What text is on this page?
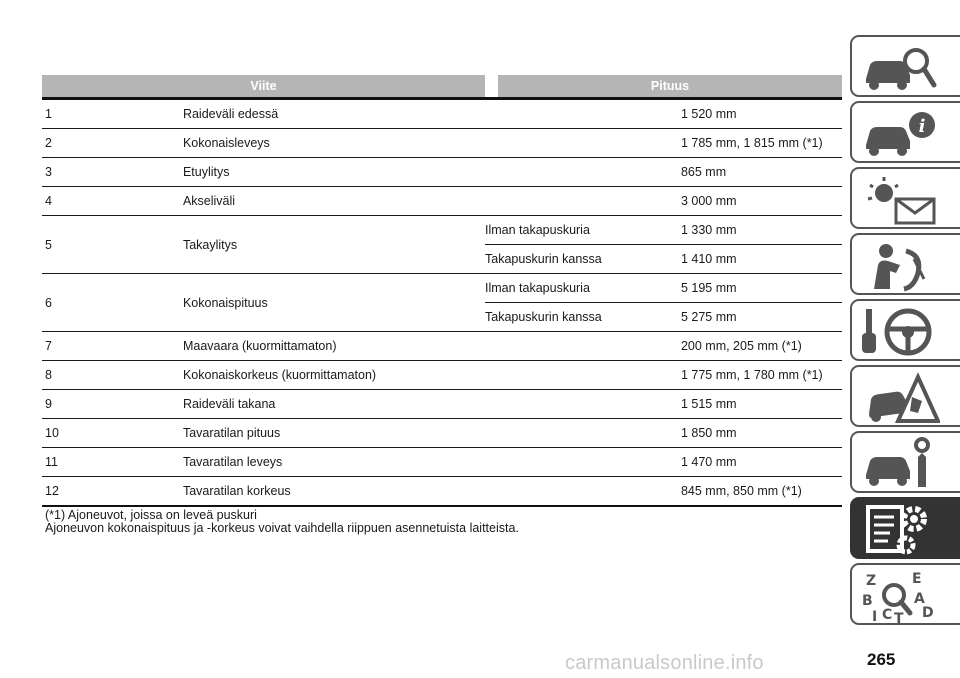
Viite			Pituus	
1	Raideväli edessä			1 520 mm
2	Kokonaisleveys			1 785 mm, 1 815 mm (*1)
3	Etuylitys			865 mm
4	Akseliväli			3 000 mm
5	Takaylitys	Ilman takapuskuria		1 330 mm
		Takapuskurin kanssa		1 410 mm
6	Kokonaispituus	Ilman takapuskuria		5 195 mm
		Takapuskurin kanssa		5 275 mm
7	Maavaara (kuormittamaton)			200 mm, 205 mm (*1)
8	Kokonaiskorkeus (kuormittamaton)			1 775 mm, 1 780 mm (*1)
9	Raideväli takana			1 515 mm
10	Tavaratilan pituus			1 850 mm
11	Tavaratilan leveys			1 470 mm
12	Tavaratilan korkeus			845 mm, 850 mm (*1)
(*1) Ajoneuvot, joissa on leveä puskuri
Ajoneuvon kokonaispituus ja -korkeus voivat vaihdella riippuen asennetuista laitteista.
i
Z	E
B	A
I C T D
265
carmanualsonline.info
